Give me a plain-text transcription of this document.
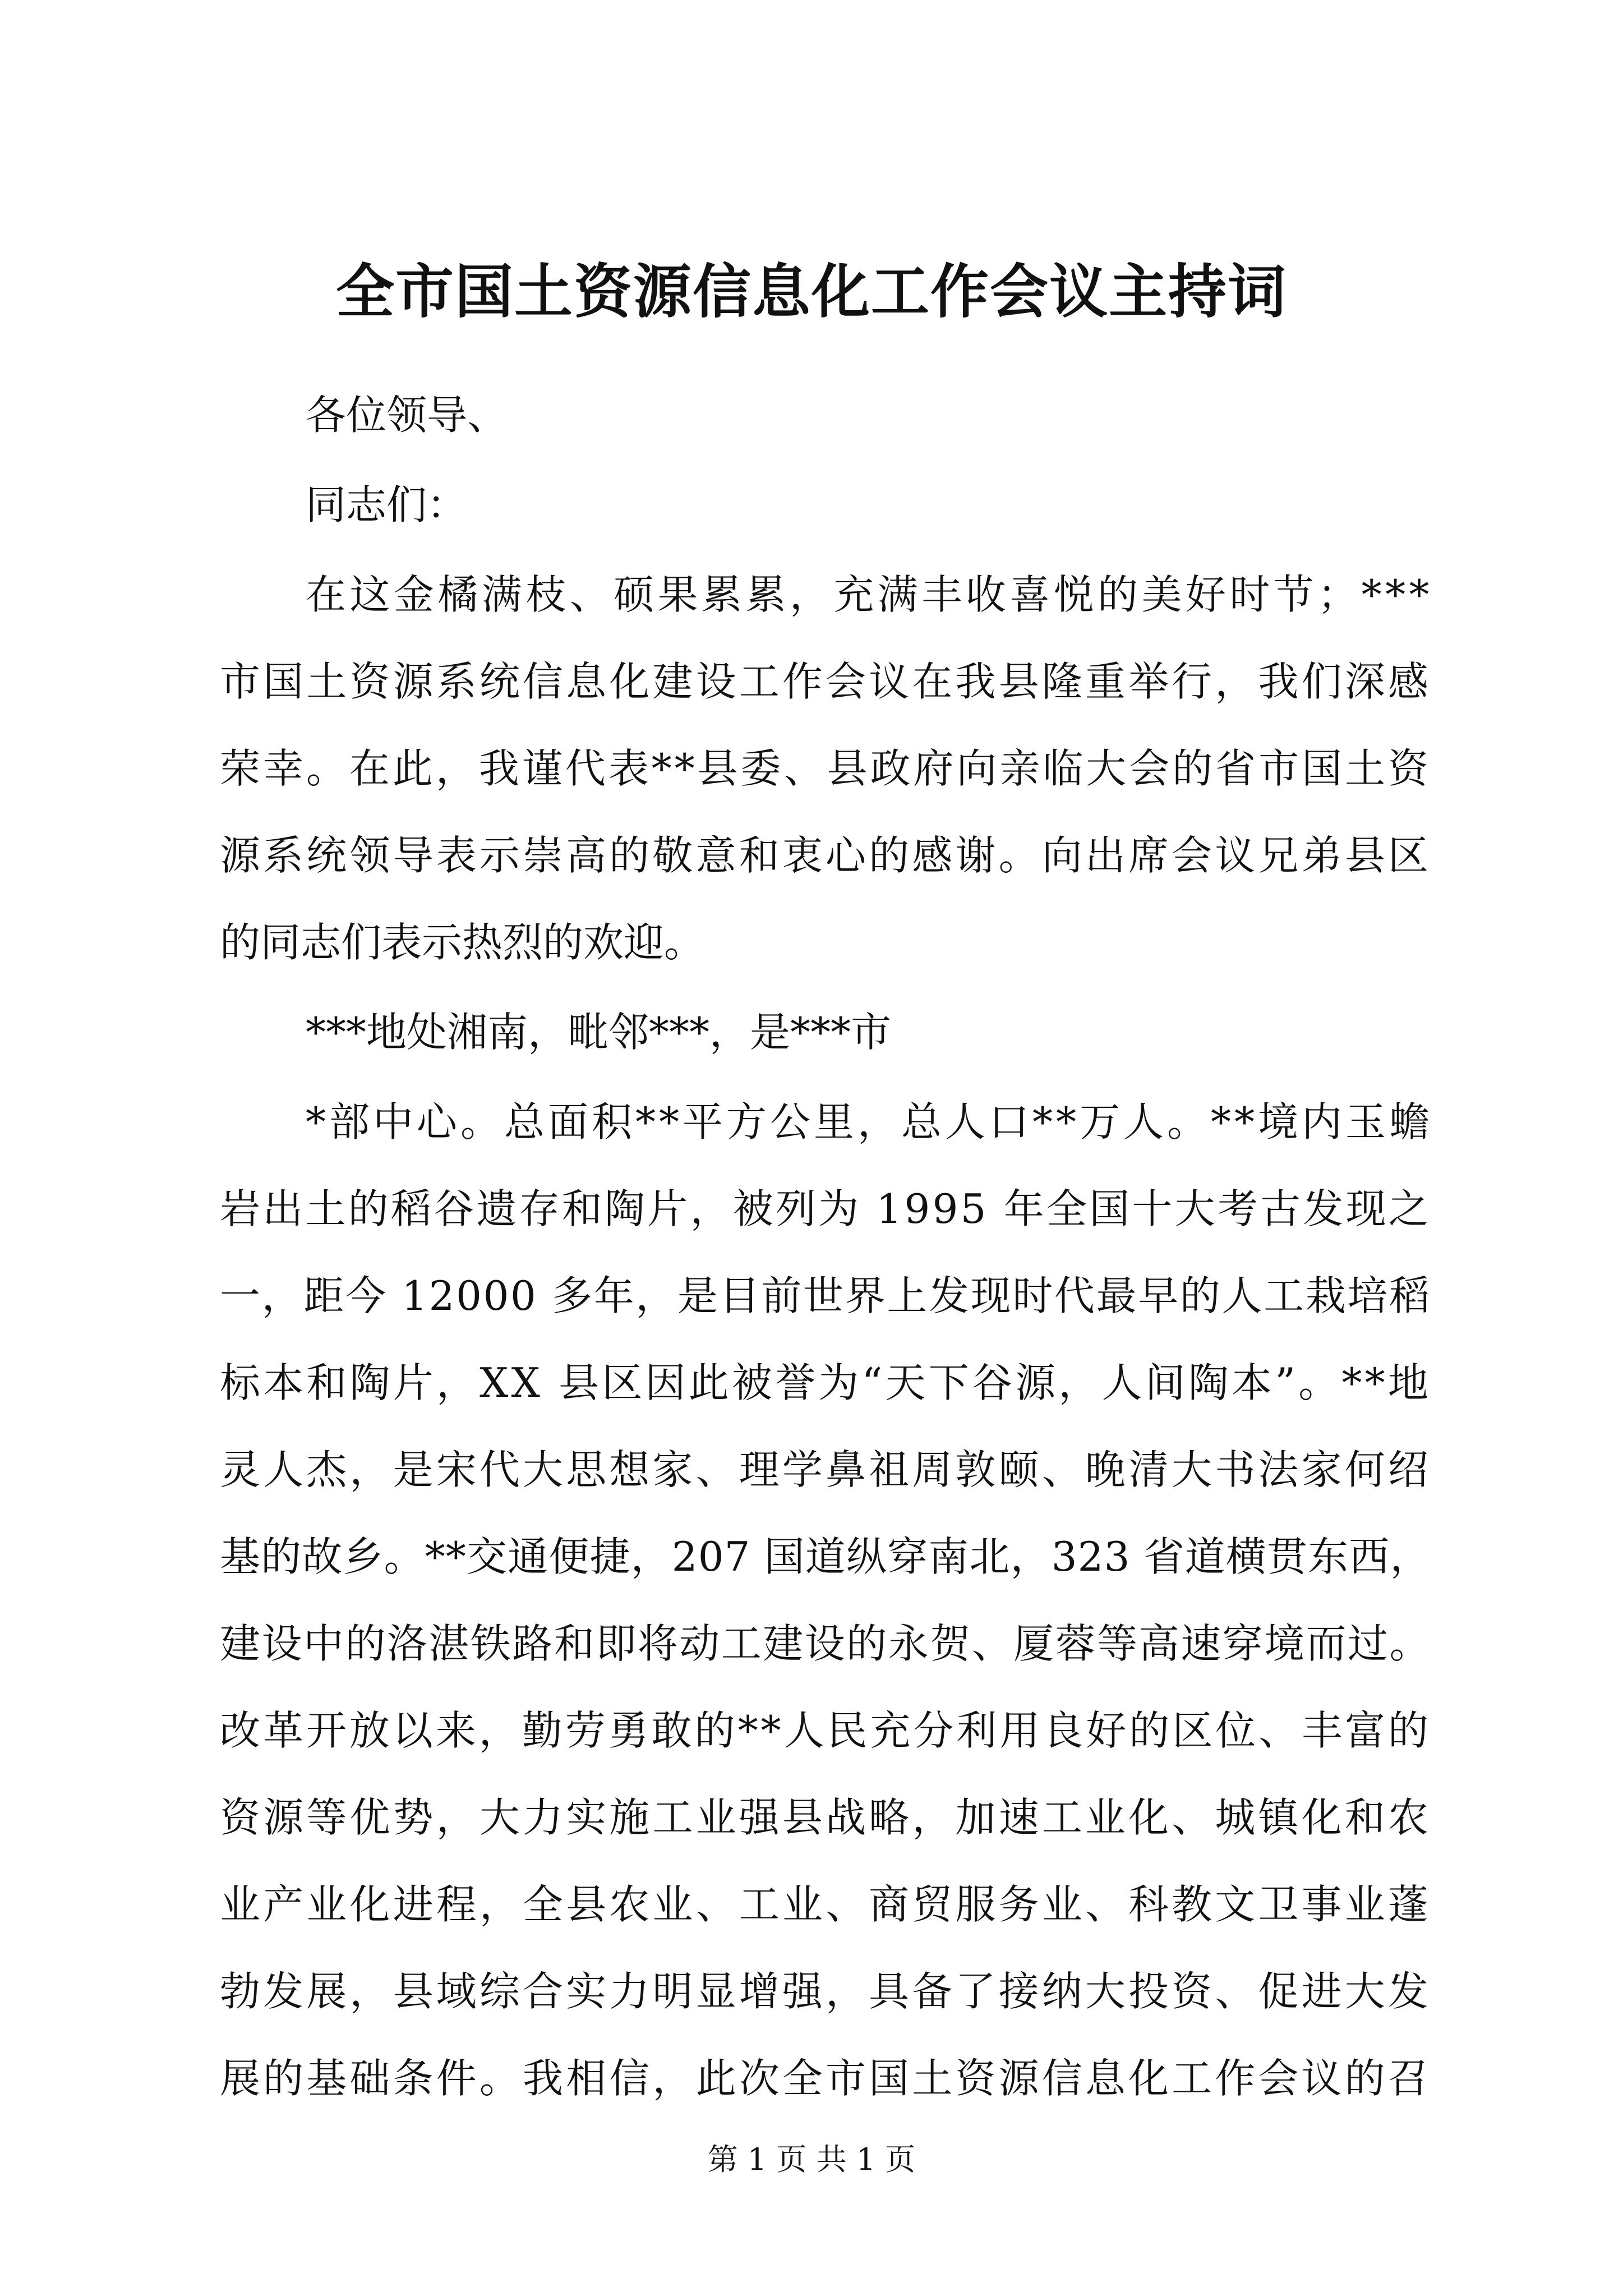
全市国土资源信息化工作会议主持词

各位领导、

同志们：

在这金橘满枝、硕果累累，充满丰收喜悦的美好时节；***

市国土资源系统信息化建设工作会议在我县隆重举行，我们深感

荣幸。在此，我谨代表**县委、县政府向亲临大会的省市国土资

源系统领导表示崇高的敬意和衷心的感谢。向出席会议兄弟县区

的同志们表示热烈的欢迎。

***地处湘南，毗邻***，是***市

*部中心。总面积**平方公里，总人口**万人。**境内玉蟾

岩出土的稻谷遗存和陶片，被列为 1995 年全国十大考古发现之

一，距今 12000 多年，是目前世界上发现时代最早的人工栽培稻

标本和陶片，XX 县区因此被誉为“天下谷源，人间陶本”。**地

灵人杰，是宋代大思想家、理学鼻祖周敦颐、晚清大书法家何绍

基的故乡。**交通便捷，207 国道纵穿南北，323 省道横贯东西，

建设中的洛湛铁路和即将动工建设的永贺、厦蓉等高速穿境而过。

改革开放以来，勤劳勇敢的**人民充分利用良好的区位、丰富的

资源等优势，大力实施工业强县战略，加速工业化、城镇化和农

业产业化进程，全县农业、工业、商贸服务业、科教文卫事业蓬

勃发展，县域综合实力明显增强，具备了接纳大投资、促进大发

展的基础条件。我相信，此次全市国土资源信息化工作会议的召

第 1 页 共 1 页
